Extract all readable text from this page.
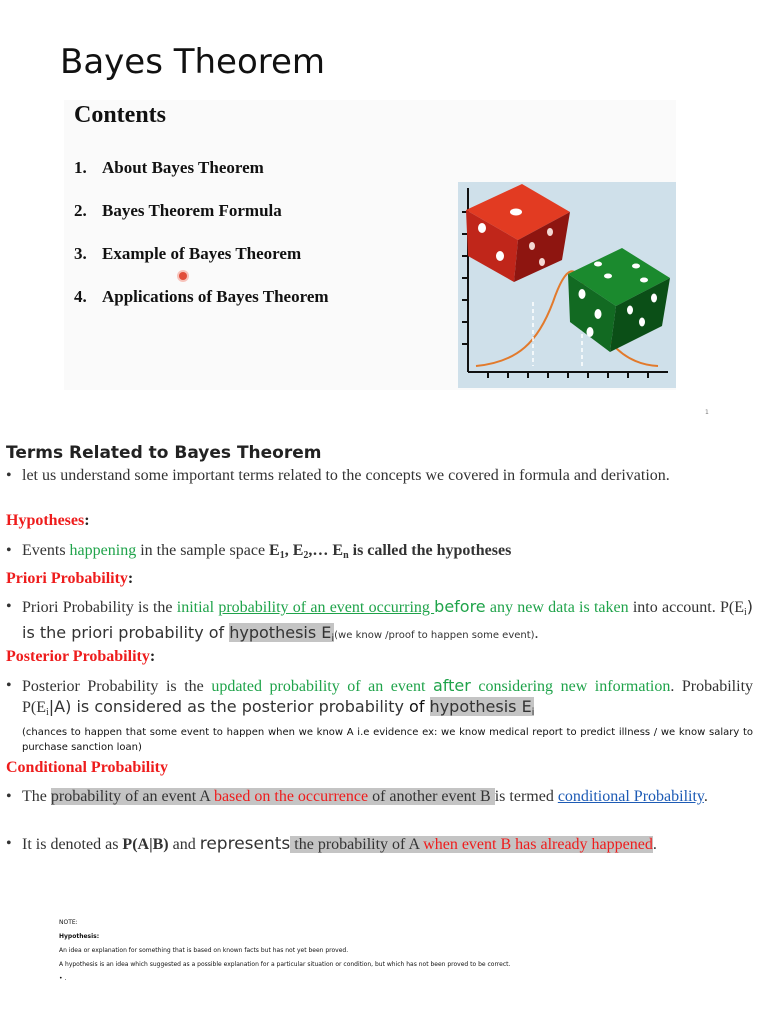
Bayes Theorem
Contents
1. About Bayes Theorem
2. Bayes Theorem Formula
3. Example of Bayes Theorem
4. Applications of Bayes Theorem
1
Terms Related to Bayes Theorem
• let us understand some important terms related to the concepts we covered in formula and derivation.
Hypotheses:
• Events happening in the sample space $E_1$, $E_2,\dots$ $E_n$ is called the hypotheses
Priori Probability:
• Priori Probability is the initial probability of an event occurring before any new data is taken into account. $P(E_i)$ is the priori probability of hypothesis $E_i(we$ know /proof to happen some event).
Posterior Probability:
• Posterior Probability is the updated probability of an event after considering new information. Probability $P(E_i|A)$ is considered as the posterior probability of hypothesis $E_i$
(chances to happen that some event to happen when we know A i.e evidence ex: we know medical report to predict illness / we know salary to purchase sanction loan)
Conditional Probability
• The probability of an event A based on the occurrence of another event B is termed conditional Probability.
• It is denoted as P(A|B) and represents the probability of A when event B has already happened.
NOTE:
Hypothesis:
An idea or explanation for something that is based on known facts but has not yet been proved.
A hypothesis is an idea which suggested as a possible explanation for a particular situation or condition, but which has not been proved to be correct.
• .
